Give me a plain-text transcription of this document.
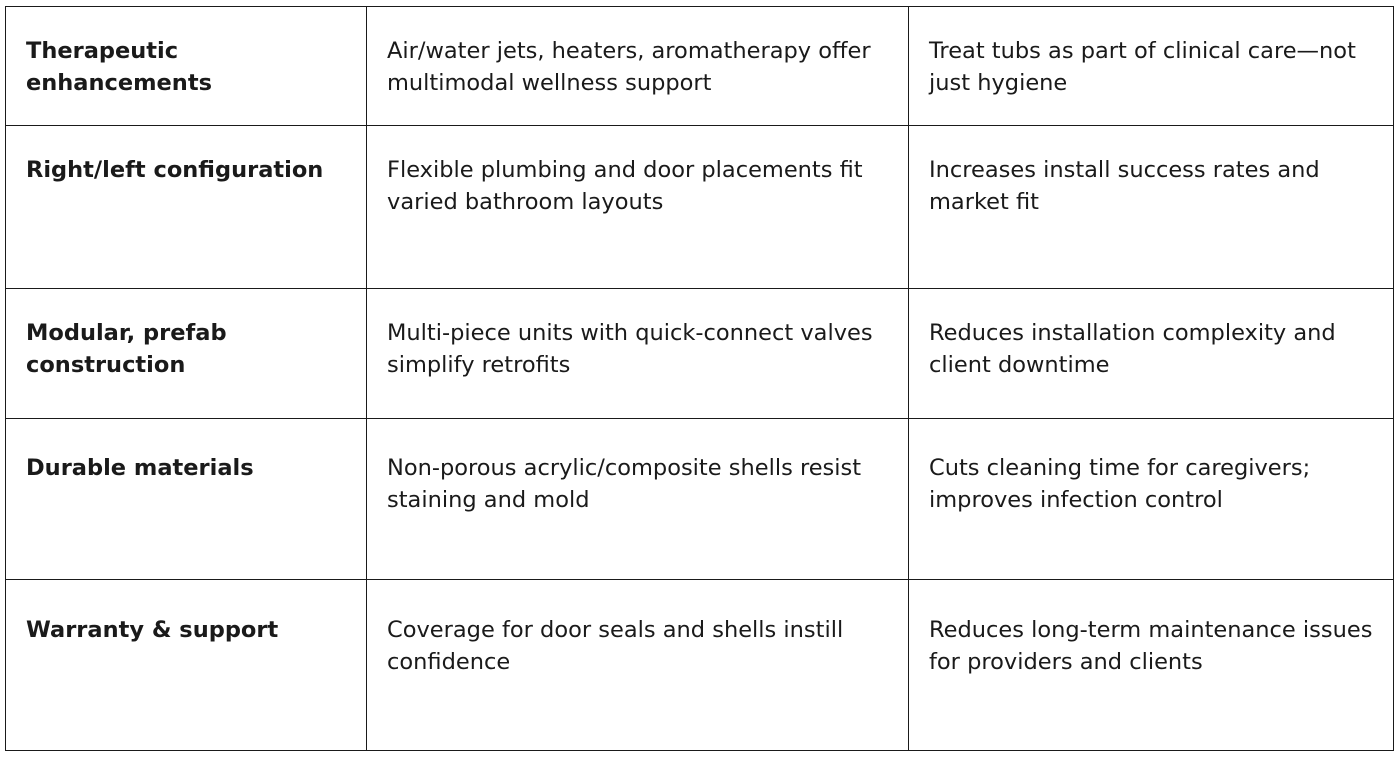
Therapeutic enhancements	Air/water jets, heaters, aromatherapy offer multimodal wellness support	Treat tubs as part of clinical care—not just hygiene
Right/left configuration	Flexible plumbing and door placements fit varied bathroom layouts	Increases install success rates and market fit
Modular, prefab construction	Multi-piece units with quick-connect valves simplify retrofits	Reduces installation complexity and client downtime
Durable materials	Non-porous acrylic/composite shells resist staining and mold	Cuts cleaning time for caregivers; improves infection control
Warranty & support	Coverage for door seals and shells instill confidence	Reduces long-term maintenance issues for providers and clients
